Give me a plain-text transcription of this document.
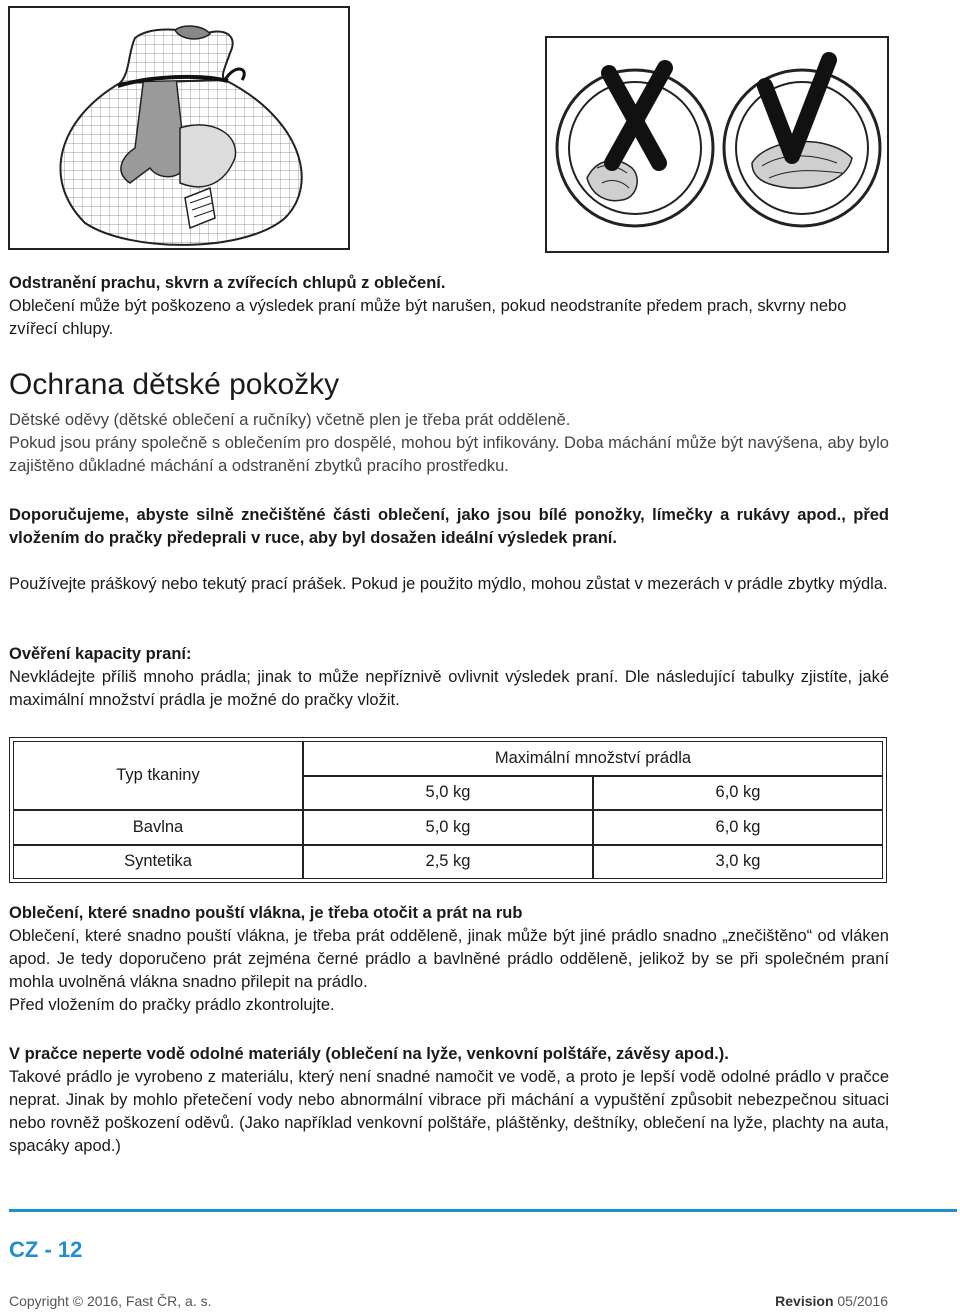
Odstranění prachu, skvrn a zvířecích chlupů z oblečení.

Oblečení může být poškozeno a výsledek praní může být narušen, pokud neodstraníte předem prach, skvrny nebo zvířecí chlupy.

Ochrana dětské pokožky

Dětské oděvy (dětské oblečení a ručníky) včetně plen je třeba prát odděleně.

Pokud jsou prány společně s oblečením pro dospělé, mohou být infikovány. Doba máchání může být navýšena, aby bylo zajištěno důkladné máchání a odstranění zbytků pracího prostředku.

Doporučujeme, abyste silně znečištěné části oblečení, jako jsou bílé ponožky, límečky a rukávy apod., před vložením do pračky předeprali v ruce, aby byl dosažen ideální výsledek praní.

Používejte práškový nebo tekutý prací prášek. Pokud je použito mýdlo, mohou zůstat v mezerách v prádle zbytky mýdla.

Ověření kapacity praní:

Nevkládejte příliš mnoho prádla; jinak to může nepříznivě ovlivnit výsledek praní. Dle následující tabulky zjistíte, jaké maximální množství prádla je možné do pračky vložit.

Typ tkaniny	Maximální množství prádla	
	5,0 kg	6,0 kg
Bavlna	5,0 kg	6,0 kg
Syntetika	2,5 kg	3,0 kg

Oblečení, které snadno pouští vlákna, je třeba otočit a prát na rub

Oblečení, které snadno pouští vlákna, je třeba prát odděleně, jinak může být jiné prádlo snadno „znečištěno“ od vláken apod. Je tedy doporučeno prát zejména černé prádlo a bavlněné prádlo odděleně, jelikož by se při společném praní mohla uvolněná vlákna snadno přilepit na prádlo.

Před vložením do pračky prádlo zkontrolujte.

V pračce neperte vodě odolné materiály (oblečení na lyže, venkovní polštáře, závěsy apod.).

Takové prádlo je vyrobeno z materiálu, který není snadné namočit ve vodě, a proto je lepší vodě odolné prádlo v pračce neprat. Jinak by mohlo přetečení vody nebo abnormální vibrace při máchání a vypuštění způsobit nebezpečnou situaci nebo rovněž poškození oděvů. (Jako například venkovní polštáře, pláštěnky, deštníky, oblečení na lyže, plachty na auta, spacáky apod.)

CZ - 12
Copyright © 2016, Fast ČR, a. s.	Revision 05/2016
